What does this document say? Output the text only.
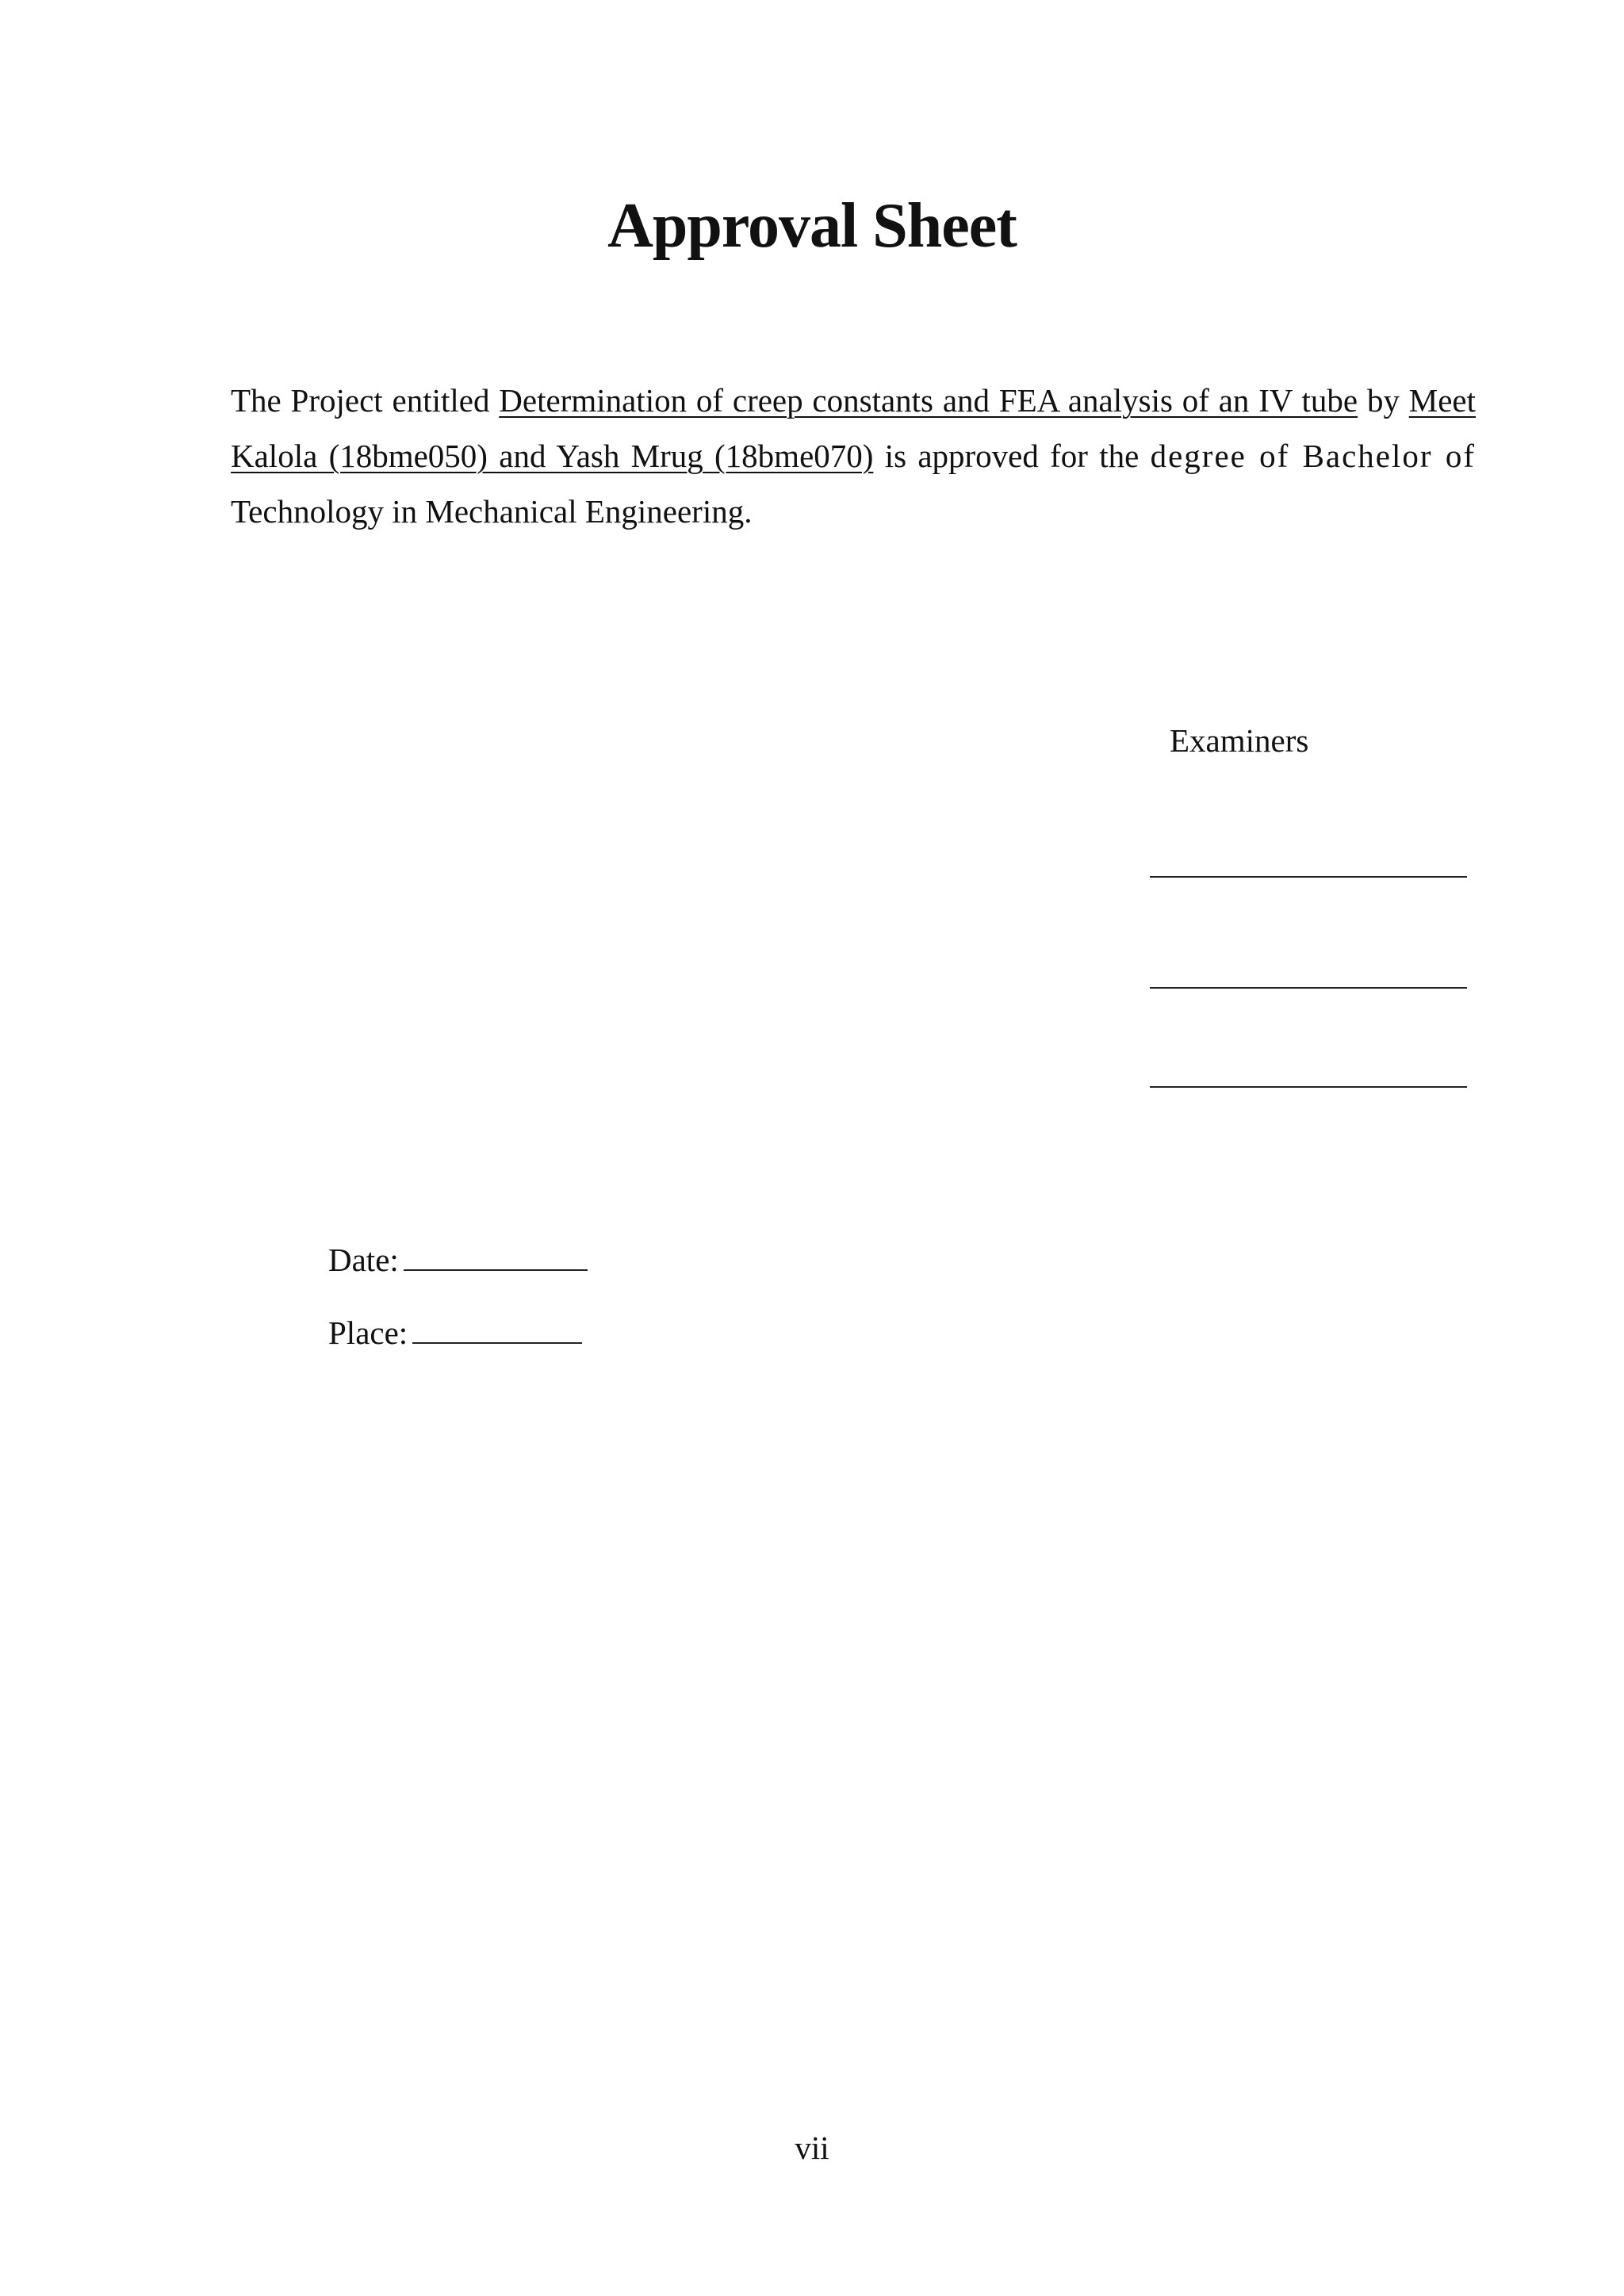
Approval Sheet

The Project entitled Determination of creep constants and FEA analysis of an IV tube by Meet Kalola (18bme050) and Yash Mrug (18bme070) is approved for the degree of Bachelor of Technology in Mechanical Engineering.

Examiners
Date:
Place:
vii
